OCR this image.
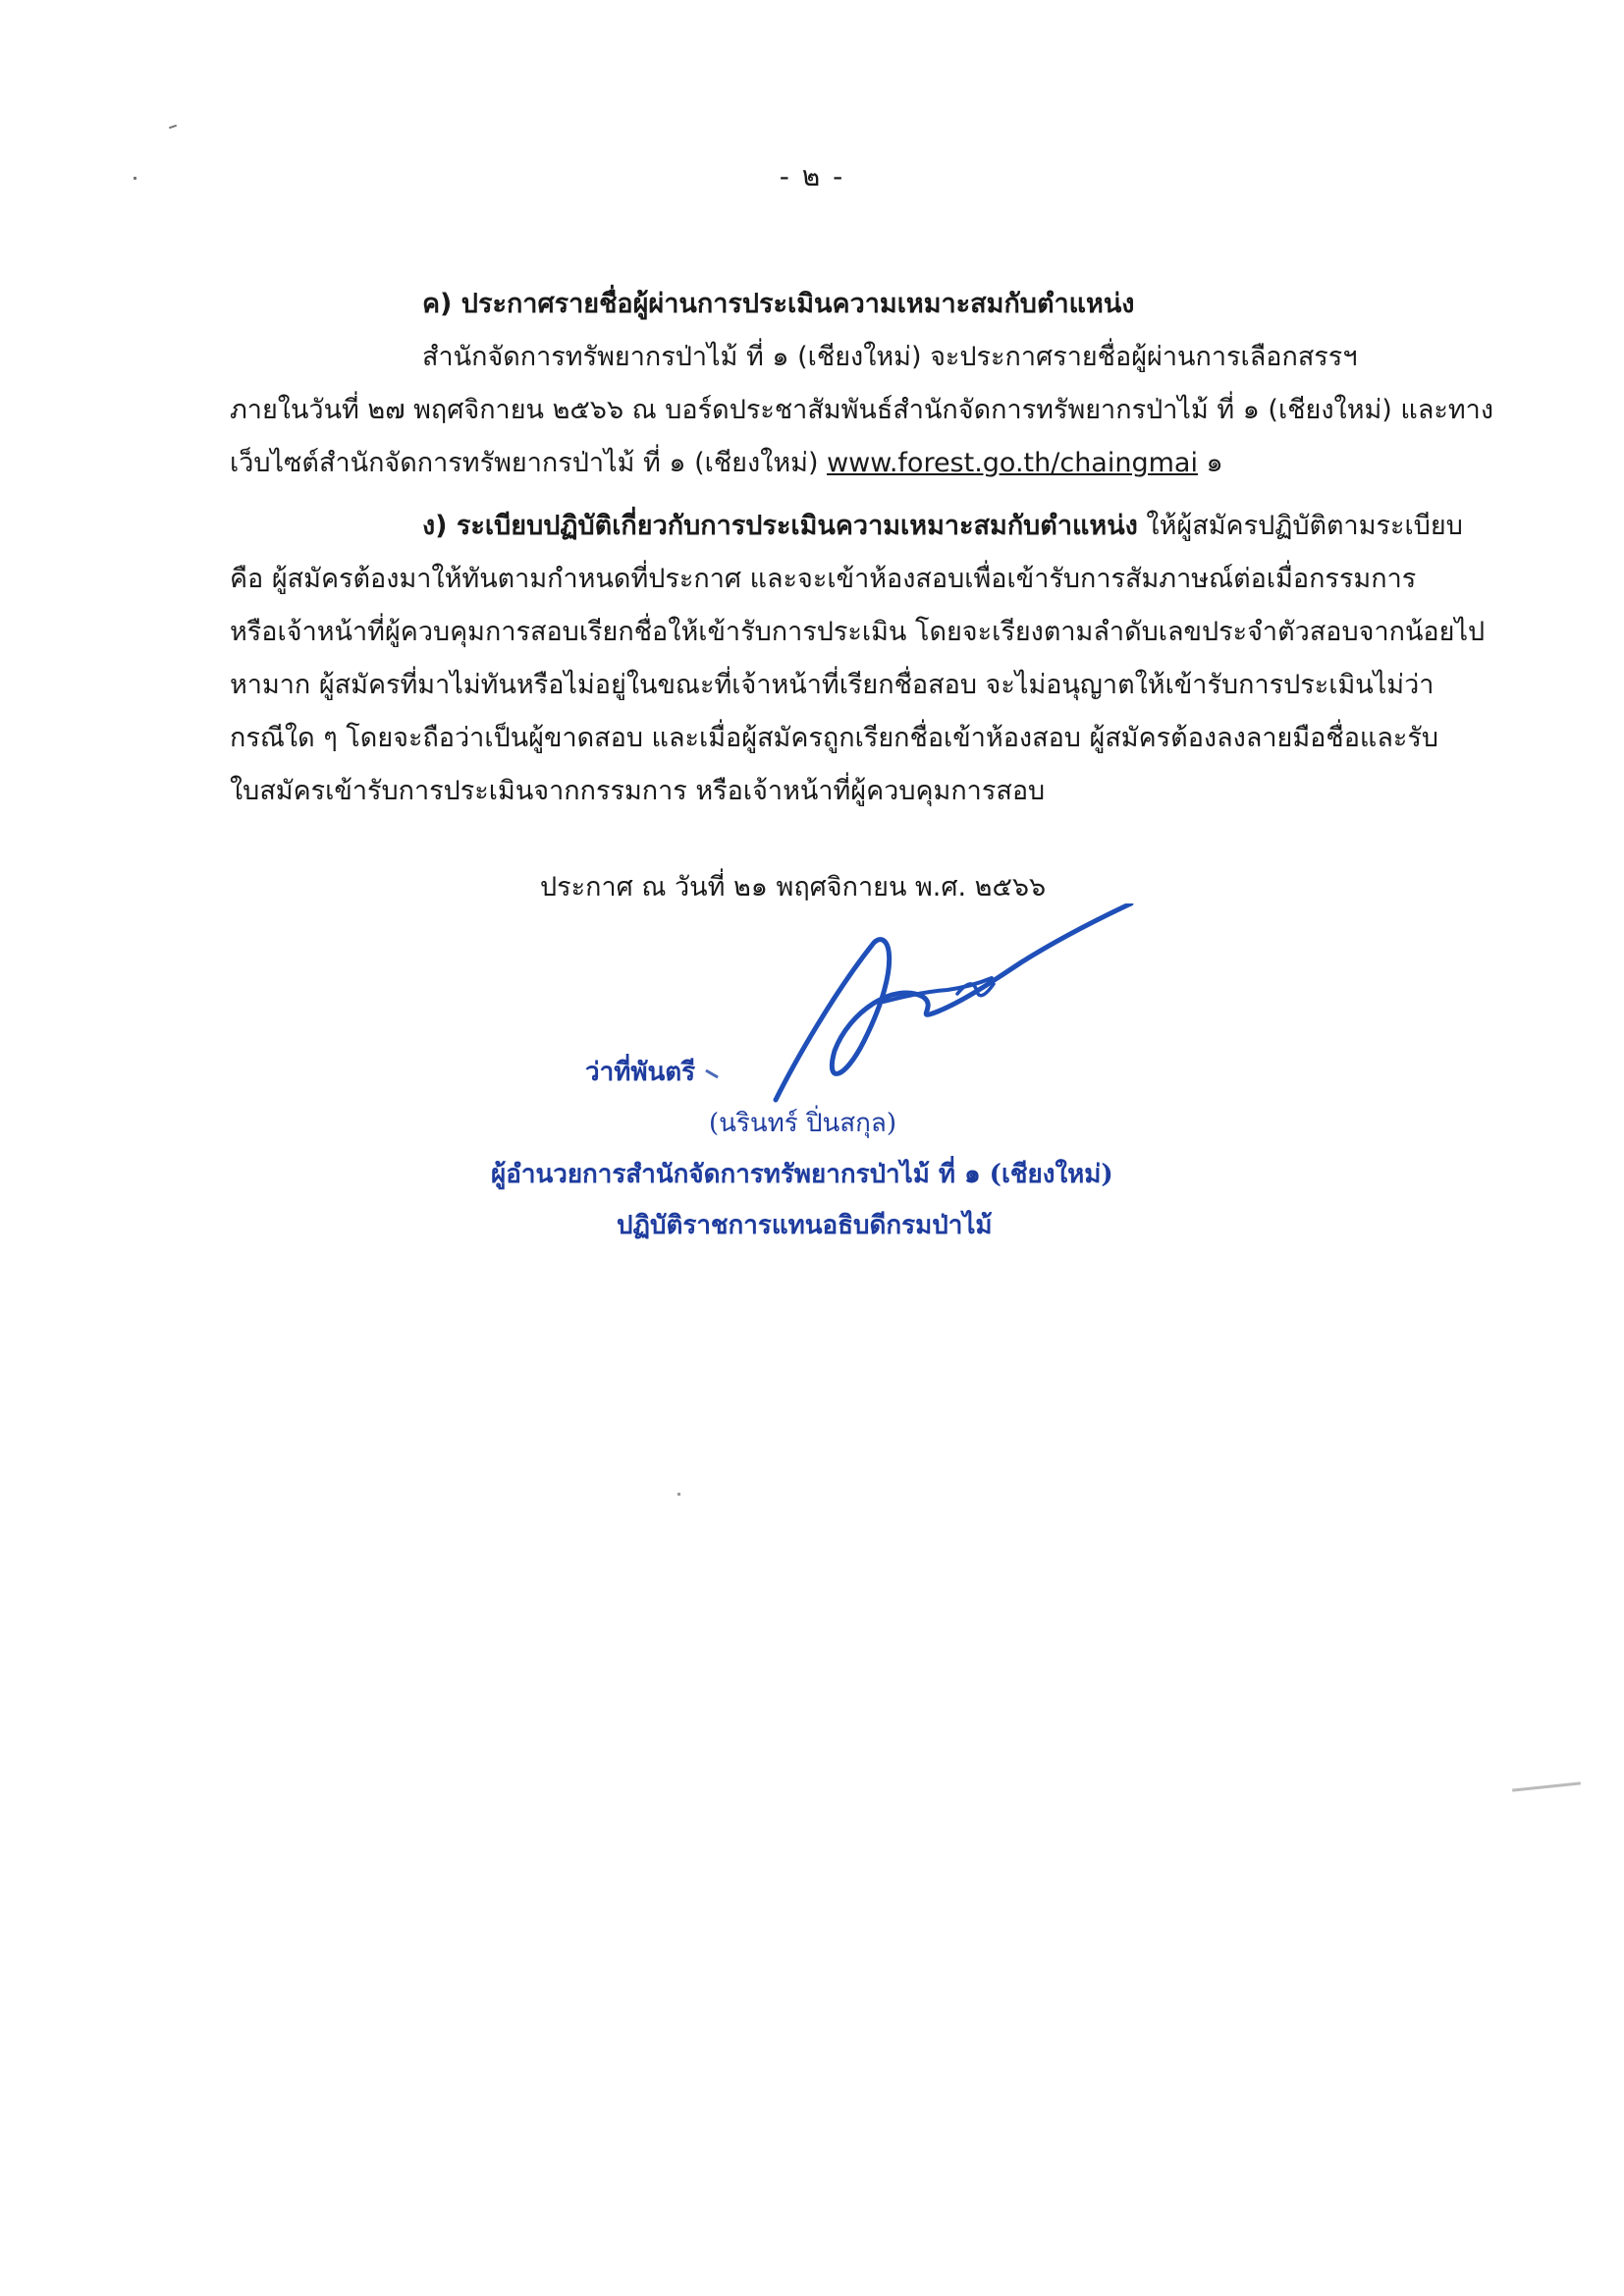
- ๒ -
ค) ประกาศรายชื่อผู้ผ่านการประเมินความเหมาะสมกับตำแหน่ง
สำนักจัดการทรัพยากรป่าไม้ ที่ ๑ (เชียงใหม่) จะประกาศรายชื่อผู้ผ่านการเลือกสรรฯ
ภายในวันที่ ๒๗ พฤศจิกายน ๒๕๖๖ ณ บอร์ดประชาสัมพันธ์สำนักจัดการทรัพยากรป่าไม้ ที่ ๑ (เชียงใหม่) และทาง
เว็บไซต์สำนักจัดการทรัพยากรป่าไม้ ที่ ๑ (เชียงใหม่) www.forest.go.th/chaingmai ๑
ง) ระเบียบปฏิบัติเกี่ยวกับการประเมินความเหมาะสมกับตำแหน่ง ให้ผู้สมัครปฏิบัติตามระเบียบ
คือ ผู้สมัครต้องมาให้ทันตามกำหนดที่ประกาศ และจะเข้าห้องสอบเพื่อเข้ารับการสัมภาษณ์ต่อเมื่อกรรมการ
หรือเจ้าหน้าที่ผู้ควบคุมการสอบเรียกชื่อให้เข้ารับการประเมิน โดยจะเรียงตามลำดับเลขประจำตัวสอบจากน้อยไป
หามาก ผู้สมัครที่มาไม่ทันหรือไม่อยู่ในขณะที่เจ้าหน้าที่เรียกชื่อสอบ จะไม่อนุญาตให้เข้ารับการประเมินไม่ว่า
กรณีใด ๆ โดยจะถือว่าเป็นผู้ขาดสอบ และเมื่อผู้สมัครถูกเรียกชื่อเข้าห้องสอบ ผู้สมัครต้องลงลายมือชื่อและรับ
ใบสมัครเข้ารับการประเมินจากกรรมการ หรือเจ้าหน้าที่ผู้ควบคุมการสอบ
ประกาศ ณ วันที่ ๒๑ พฤศจิกายน พ.ศ. ๒๕๖๖
ว่าที่พันตรี
(นรินทร์ ปิ่นสกุล)
ผู้อำนวยการสำนักจัดการทรัพยากรป่าไม้ ที่ ๑ (เชียงใหม่)
ปฏิบัติราชการแทนอธิบดีกรมป่าไม้
